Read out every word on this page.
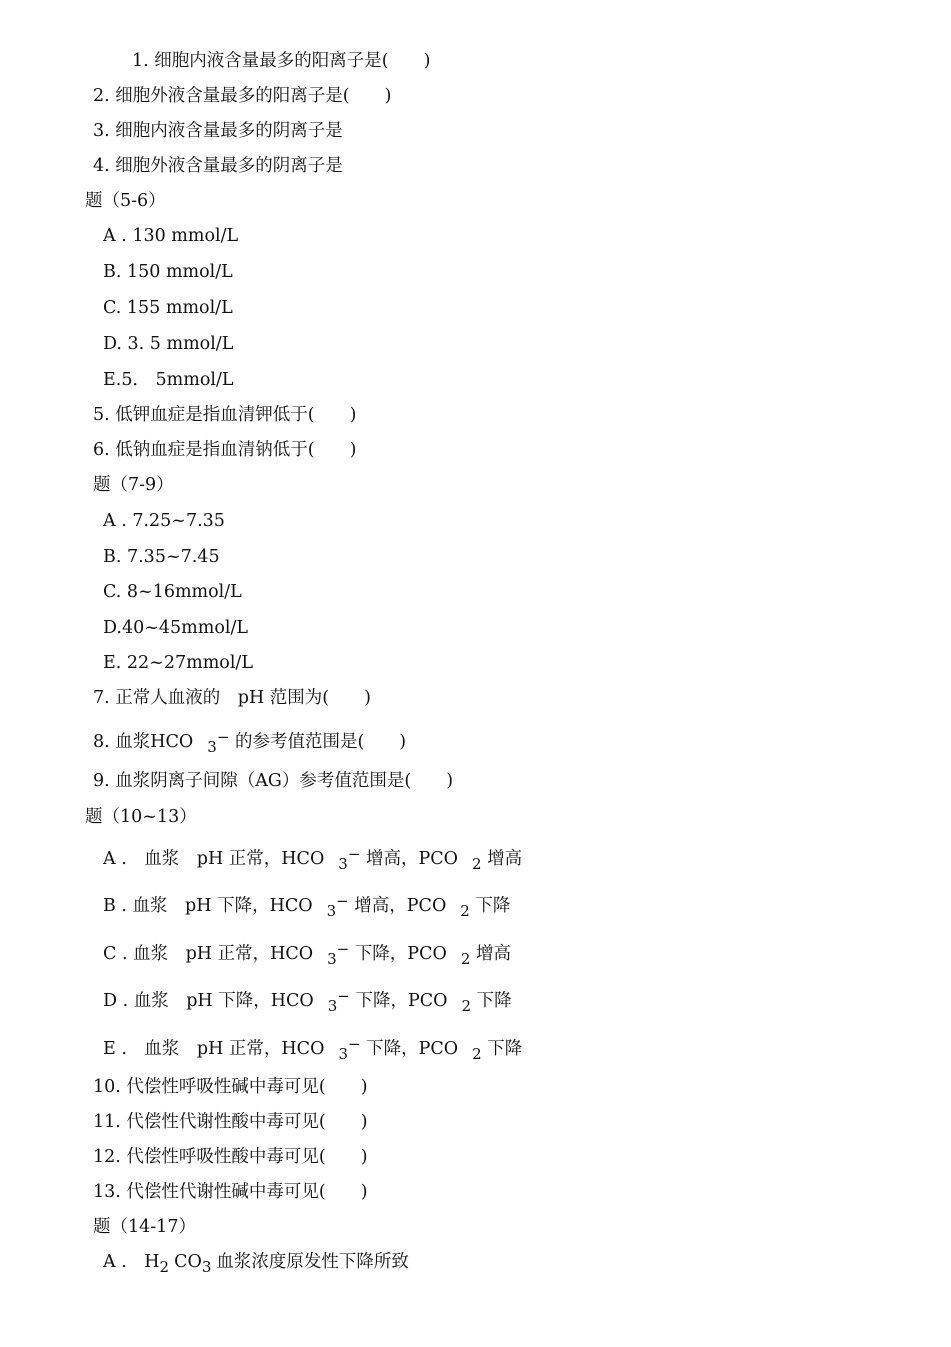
1. 细胞内液含量最多的阳离子是(　　)
2. 细胞外液含量最多的阳离子是(　　)
3. 细胞内液含量最多的阴离子是
4. 细胞外液含量最多的阴离子是
题（5-6）
A . 130 mmol/L
B. 150 mmol/L
C. 155 mmol/L
D. 3. 5 mmol/L
E.5． 5mmol/L
5. 低钾血症是指血清钾低于(　　)
6. 低钠血症是指血清钠低于(　　)
题（7-9）
A . 7.25~7.35
B. 7.35~7.45
C. 8~16mmol/L
D.40~45mmol/L
E. 22~27mmol/L
7. 正常人血液的　pH 范围为(　　)
8. 血浆HCO 3− 的参考值范围是(　　)
9. 血浆阴离子间隙（AG）参考值范围是(　　)
题（10~13）
A .　血浆　pH 正常，HCO 3− 增高，PCO 2 增高
B . 血浆　pH 下降，HCO 3− 增高，PCO 2 下降
C . 血浆　pH 正常，HCO 3− 下降，PCO 2 增高
D . 血浆　pH 下降，HCO 3− 下降，PCO 2 下降
E .　血浆　pH 正常，HCO 3− 下降，PCO 2 下降
10. 代偿性呼吸性碱中毒可见(　　)
11. 代偿性代谢性酸中毒可见(　　)
12. 代偿性呼吸性酸中毒可见(　　)
13. 代偿性代谢性碱中毒可见(　　)
题（14-17）
A .　H2 CO3 血浆浓度原发性下降所致
